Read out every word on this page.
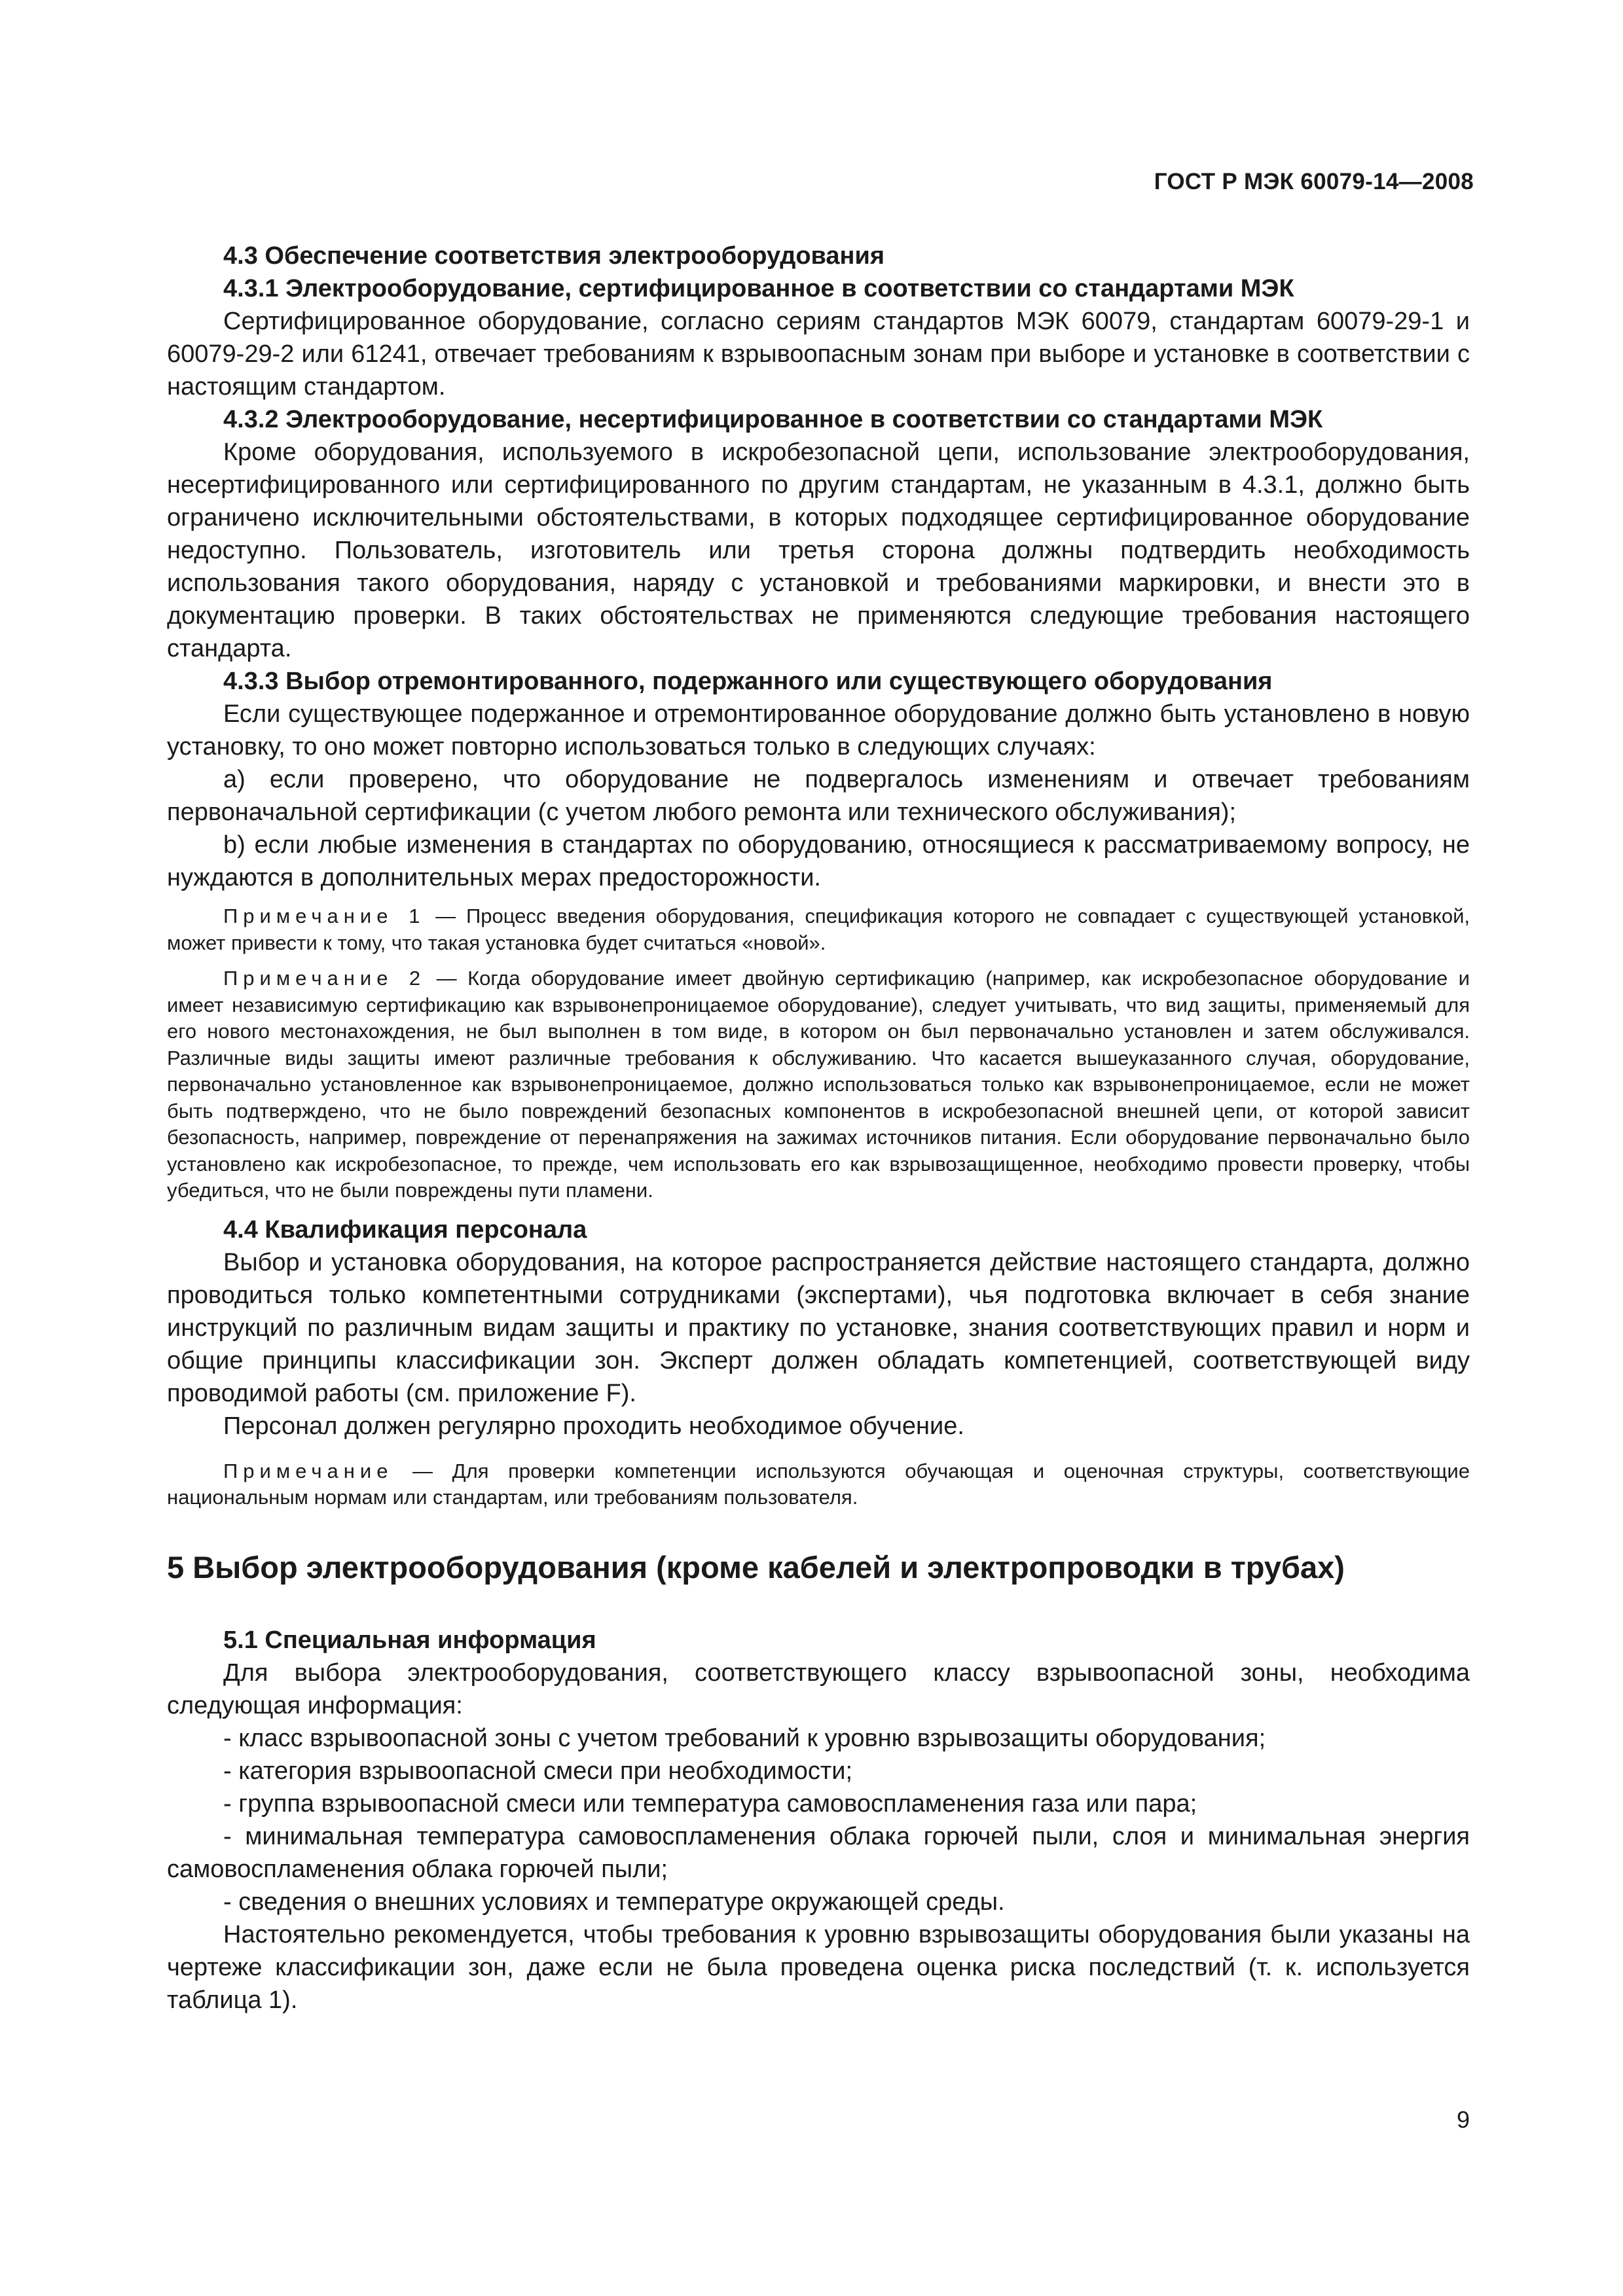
ГОСТ Р МЭК 60079-14—2008

4.3 Обеспечение соответствия электрооборудования

4.3.1 Электрооборудование, сертифицированное в соответствии со стандартами МЭК

Сертифицированное оборудование, согласно сериям стандартов МЭК 60079, стандартам 60079-29-1 и 60079-29-2 или 61241, отвечает требованиям к взрывоопасным зонам при выборе и установке в соответствии с настоящим стандартом.

4.3.2 Электрооборудование, несертифицированное в соответствии со стандартами МЭК

Кроме оборудования, используемого в искробезопасной цепи, использование электрооборудования, несертифицированного или сертифицированного по другим стандартам, не указанным в 4.3.1, должно быть ограничено исключительными обстоятельствами, в которых подходящее сертифицированное оборудование недоступно. Пользователь, изготовитель или третья сторона должны подтвердить необходимость использования такого оборудования, наряду с установкой и требованиями маркировки, и внести это в документацию проверки. В таких обстоятельствах не применяются следующие требования настоящего стандарта.

4.3.3 Выбор отремонтированного, подержанного или существующего оборудования

Если существующее подержанное и отремонтированное оборудование должно быть установлено в новую установку, то оно может повторно использоваться только в следующих случаях:

a) если проверено, что оборудование не подвергалось изменениям и отвечает требованиям первоначальной сертификации (с учетом любого ремонта или технического обслуживания);

b) если любые изменения в стандартах по оборудованию, относящиеся к рассматриваемому вопросу, не нуждаются в дополнительных мерах предосторожности.

Примечание 1 — Процесс введения оборудования, спецификация которого не совпадает с существующей установкой, может привести к тому, что такая установка будет считаться «новой».

Примечание 2 — Когда оборудование имеет двойную сертификацию (например, как искробезопасное оборудование и имеет независимую сертификацию как взрывонепроницаемое оборудование), следует учитывать, что вид защиты, применяемый для его нового местонахождения, не был выполнен в том виде, в котором он был первоначально установлен и затем обслуживался. Различные виды защиты имеют различные требования к обслуживанию. Что касается вышеуказанного случая, оборудование, первоначально установленное как взрывонепроницаемое, должно использоваться только как взрывонепроницаемое, если не может быть подтверждено, что не было повреждений безопасных компонентов в искробезопасной внешней цепи, от которой зависит безопасность, например, повреждение от перенапряжения на зажимах источников питания. Если оборудование первоначально было установлено как искробезопасное, то прежде, чем использовать его как взрывозащищенное, необходимо провести проверку, чтобы убедиться, что не были повреждены пути пламени.

4.4 Квалификация персонала

Выбор и установка оборудования, на которое распространяется действие настоящего стандарта, должно проводиться только компетентными сотрудниками (экспертами), чья подготовка включает в себя знание инструкций по различным видам защиты и практику по установке, знания соответствующих правил и норм и общие принципы классификации зон. Эксперт должен обладать компетенцией, соответствующей виду проводимой работы (см. приложение F).

Персонал должен регулярно проходить необходимое обучение.

Примечание — Для проверки компетенции используются обучающая и оценочная структуры, соответствующие национальным нормам или стандартам, или требованиям пользователя.

5 Выбор электрооборудования (кроме кабелей и электропроводки в трубах)

5.1 Специальная информация

Для выбора электрооборудования, соответствующего классу взрывоопасной зоны, необходима следующая информация:

- класс взрывоопасной зоны с учетом требований к уровню взрывозащиты оборудования;

- категория взрывоопасной смеси при необходимости;

- группа взрывоопасной смеси или температура самовоспламенения газа или пара;

- минимальная температура самовоспламенения облака горючей пыли, слоя и минимальная энергия самовоспламенения облака горючей пыли;

- сведения о внешних условиях и температуре окружающей среды.

Настоятельно рекомендуется, чтобы требования к уровню взрывозащиты оборудования были указаны на чертеже классификации зон, даже если не была проведена оценка риска последствий (т. к. используется таблица 1).

9
